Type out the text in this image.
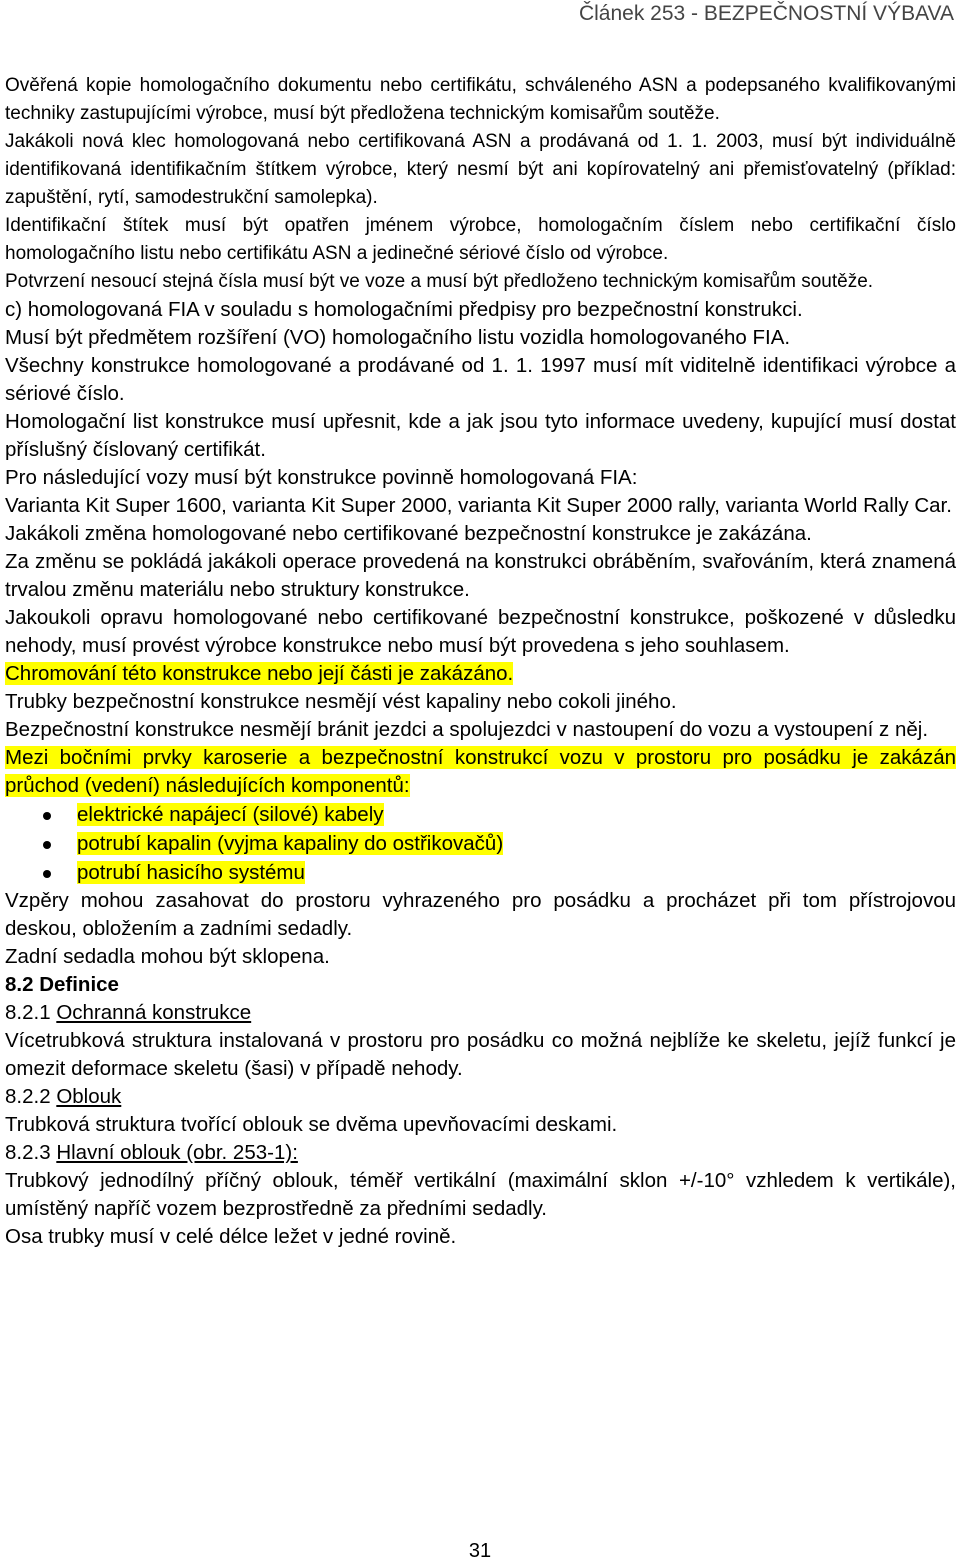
Článek 253 - BEZPEČNOSTNÍ VÝBAVA

Ověřená kopie homologačního dokumentu nebo certifikátu, schváleného ASN a podepsaného kvalifikovanými techniky zastupujícími výrobce, musí být předložena technickým komisařům soutěže.

Jakákoli nová klec homologovaná nebo certifikovaná ASN a prodávaná od 1. 1. 2003, musí být individuálně identifikovaná identifikačním štítkem výrobce, který nesmí být ani kopírovatelný ani přemisťovatelný (příklad: zapuštění, rytí, samodestrukční samolepka).

Identifikační štítek musí být opatřen jménem výrobce, homologačním číslem nebo certifikační číslo homologačního listu nebo certifikátu ASN a jedinečné sériové číslo od výrobce.

Potvrzení nesoucí stejná čísla musí být ve voze a musí být předloženo technickým komisařům soutěže.

c) homologovaná FIA v souladu s homologačními předpisy pro bezpečnostní konstrukci.

Musí být předmětem rozšíření (VO) homologačního listu vozidla homologovaného FIA.

Všechny konstrukce homologované a prodávané od 1. 1. 1997 musí mít viditelně identifikaci výrobce a sériové číslo.

Homologační list konstrukce musí upřesnit, kde a jak jsou tyto informace uvedeny, kupující musí dostat příslušný číslovaný certifikát.

Pro následující vozy musí být konstrukce povinně homologovaná FIA:

Varianta Kit Super 1600, varianta Kit Super 2000, varianta Kit Super 2000 rally, varianta World Rally Car.

Jakákoli změna homologované nebo certifikované bezpečnostní konstrukce je zakázána.

Za změnu se pokládá jakákoli operace provedená na konstrukci obráběním, svařováním, která znamená trvalou změnu materiálu nebo struktury konstrukce.

Jakoukoli opravu homologované nebo certifikované bezpečnostní konstrukce, poškozené v důsledku nehody, musí provést výrobce konstrukce nebo musí být provedena s jeho souhlasem.

Chromování této konstrukce nebo její části je zakázáno.

Trubky bezpečnostní konstrukce nesmějí vést kapaliny nebo cokoli jiného.

Bezpečnostní konstrukce nesmějí bránit jezdci a spolujezdci v nastoupení do vozu a vystoupení z něj.

Mezi bočními prvky karoserie a bezpečnostní konstrukcí vozu v prostoru pro posádku je zakázán průchod (vedení) následujících komponentů:

elektrické napájecí (silové) kabely
potrubí kapalin (vyjma kapaliny do ostřikovačů)
potrubí hasicího systému

Vzpěry mohou zasahovat do prostoru vyhrazeného pro posádku a procházet při tom přístrojovou deskou, obložením a zadními sedadly.

Zadní sedadla mohou být sklopena.

8.2 Definice

8.2.1 Ochranná konstrukce

Vícetrubková struktura instalovaná v prostoru pro posádku co možná nejblíže ke skeletu, jejíž funkcí je omezit deformace skeletu (šasi) v případě nehody.

8.2.2 Oblouk

Trubková struktura tvořící oblouk se dvěma upevňovacími deskami.

8.2.3 Hlavní oblouk (obr. 253-1):

Trubkový jednodílný příčný oblouk, téměř vertikální (maximální sklon +/-10° vzhledem k vertikále), umístěný napříč vozem bezprostředně za předními sedadly.

Osa trubky musí v celé délce ležet v jedné rovině.

31
